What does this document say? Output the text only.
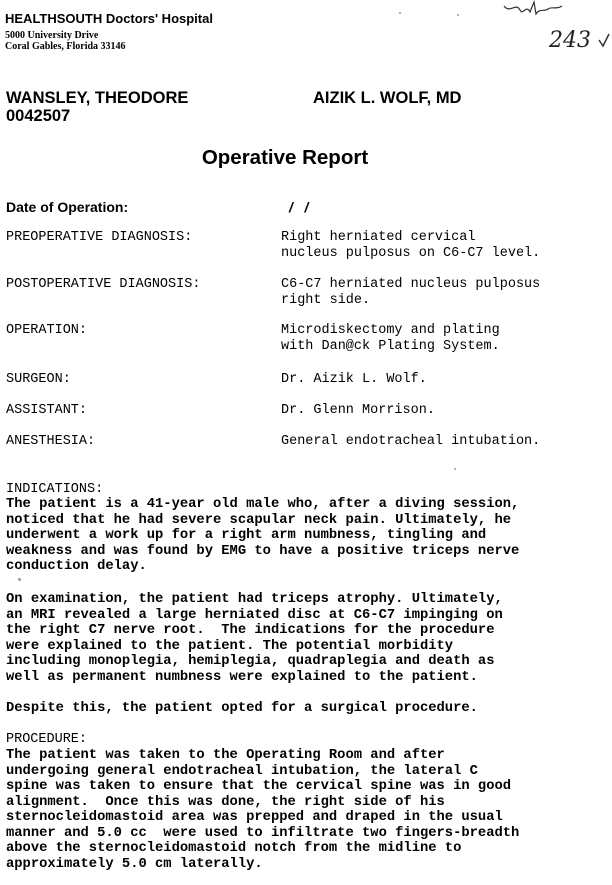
HEALTHSOUTH Doctors' Hospital
5000 University Drive
Coral Gables, Florida 33146	243
WANSLEY, THEODORE
0042507
AIZIK L. WOLF, MD
Operative Report
Date of Operation:	/   /
PREOPERATIVE DIAGNOSIS:	Right herniated cervical
nucleus pulposus on C6-C7 level.
POSTOPERATIVE DIAGNOSIS:	C6-C7 herniated nucleus pulposus
right side.
OPERATION:	Microdiskectomy and plating
with Dan@ck Plating System.
SURGEON:	Dr. Aizik L. Wolf.
ASSISTANT:	Dr. Glenn Morrison.
ANESTHESIA:	General endotracheal intubation.
INDICATIONS:
The patient is a 41-year old male who, after a diving session,
noticed that he had severe scapular neck pain. Ultimately, he
underwent a work up for a right arm numbness, tingling and
weakness and was found by EMG to have a positive triceps nerve
conduction delay.
On examination, the patient had triceps atrophy. Ultimately,
an MRI revealed a large herniated disc at C6-C7 impinging on
the right C7 nerve root.  The indications for the procedure
were explained to the patient. The potential morbidity
including monoplegia, hemiplegia, quadraplegia and death as
well as permanent numbness were explained to the patient.
Despite this, the patient opted for a surgical procedure.
PROCEDURE:
The patient was taken to the Operating Room and after
undergoing general endotracheal intubation, the lateral C
spine was taken to ensure that the cervical spine was in good
alignment.  Once this was done, the right side of his
sternocleidomastoid area was prepped and draped in the usual
manner and 5.0 cc  were used to infiltrate two fingers-breadth
above the sternocleidomastoid notch from the midline to
approximately 5.0 cm laterally.
